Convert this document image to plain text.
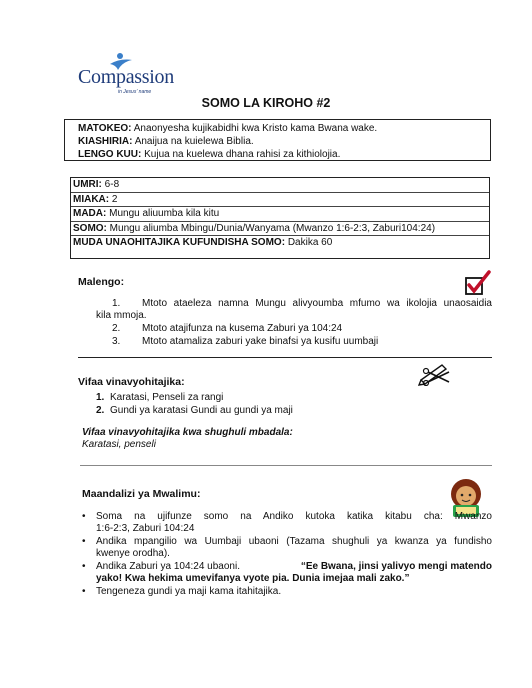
Compassion
in Jesus' name
SOMO LA KIROHO #2
MATOKEO: Anaonyesha kujikabidhi kwa Kristo kama Bwana wake.
KIASHIRIA: Anaijua na kuielewa Biblia.
LENGO KUU: Kujua na kuelewa dhana rahisi za kithiolojia.
UMRI: 6-8
MIAKA: 2
MADA: Mungu aliuumba kila kitu
SOMO: Mungu aliumba Mbingu/Dunia/Wanyama (Mwanzo 1:6-2:3, Zaburi104:24)
MUDA UNAOHITAJIKA KUFUNDISHA SOMO: Dakika 60
Malengo:
1. Mtoto ataeleza namna Mungu alivyoumba mfumo wa ikolojia unaosaidia
kila mmoja.
2. Mtoto atajifunza na kusema Zaburi ya 104:24
3. Mtoto atamaliza zaburi yake binafsi ya kusifu uumbaji
Vifaa vinavyohitajika:
1. Karatasi, Penseli za rangi
2. Gundi ya karatasi Gundi au gundi ya maji
Vifaa vinavyohitajika kwa shughuli mbadala:
Karatasi, penseli
Maandalizi ya Mwalimu:
• Soma na ujifunze somo na Andiko kutoka katika kitabu cha: Mwanzo
1:6-2:3, Zaburi 104:24
• Andika mpangilio wa Uumbaji ubaoni (Tazama shughuli ya kwanza ya fundisho
kwenye orodha).
• Andika Zaburi ya 104:24 ubaoni.	“Ee Bwana, jinsi yalivyo mengi matendo
yako! Kwa hekima umevifanya vyote pia. Dunia imejaa mali zako.”
• Tengeneza gundi ya maji kama itahitajika.
